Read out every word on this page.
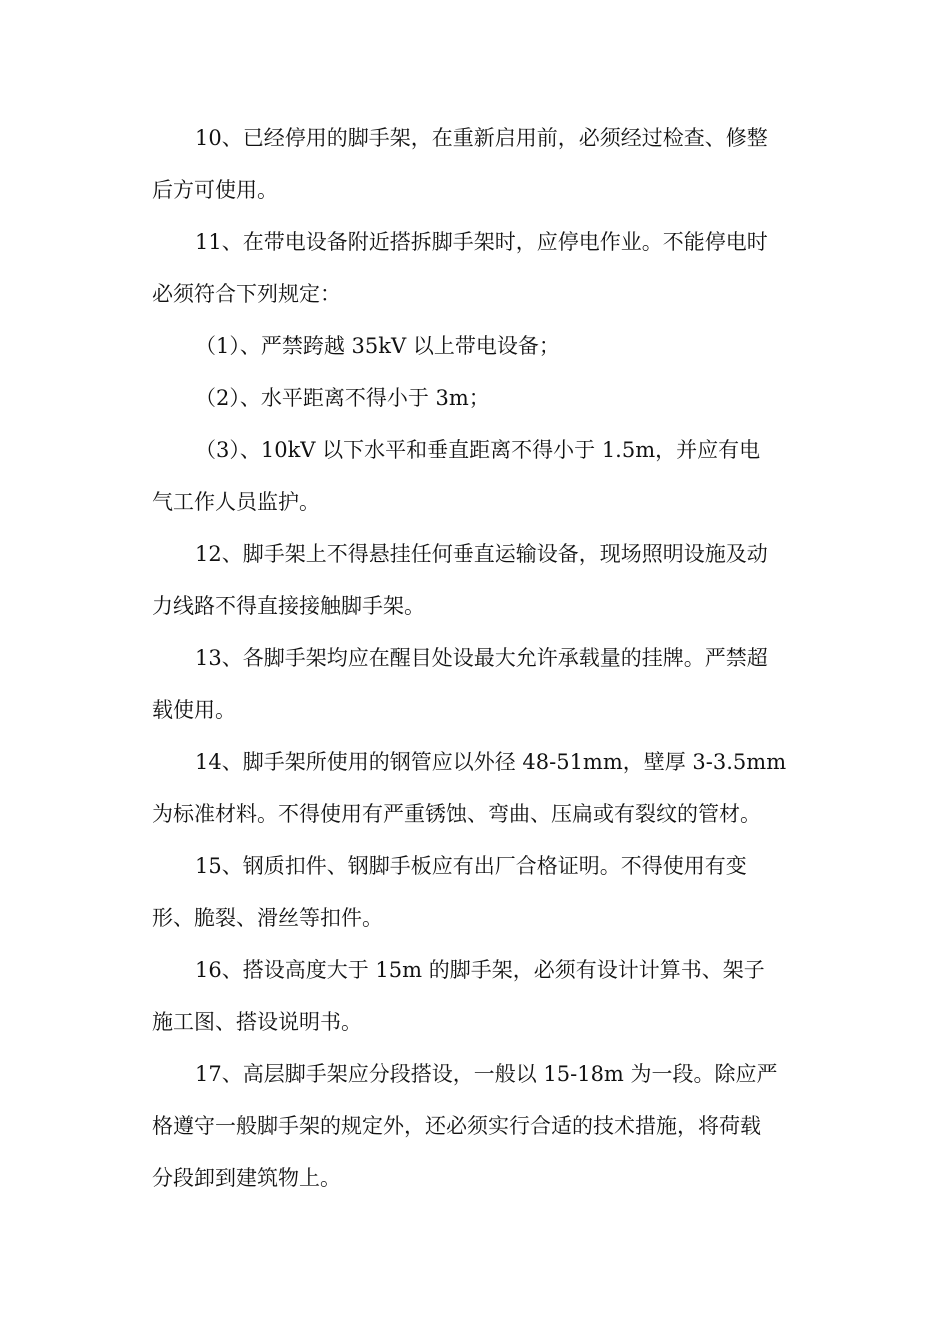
10、已经停用的脚手架，在重新启用前，必须经过检查、修整
后方可使用。
11、在带电设备附近搭拆脚手架时，应停电作业。不能停电时
必须符合下列规定：
（1）、严禁跨越 35kV 以上带电设备；
（2）、水平距离不得小于 3m；
（3）、10kV 以下水平和垂直距离不得小于 1.5m，并应有电
气工作人员监护。
12、脚手架上不得悬挂任何垂直运输设备，现场照明设施及动
力线路不得直接接触脚手架。
13、各脚手架均应在醒目处设最大允许承载量的挂牌。严禁超
载使用。
14、脚手架所使用的钢管应以外径 48-51mm，壁厚 3-3.5mm
为标准材料。不得使用有严重锈蚀、弯曲、压扁或有裂纹的管材。
15、钢质扣件、钢脚手板应有出厂合格证明。不得使用有变
形、脆裂、滑丝等扣件。
16、搭设高度大于 15m 的脚手架，必须有设计计算书、架子
施工图、搭设说明书。
17、高层脚手架应分段搭设，一般以 15-18m 为一段。除应严
格遵守一般脚手架的规定外，还必须实行合适的技术措施，将荷载
分段卸到建筑物上。
